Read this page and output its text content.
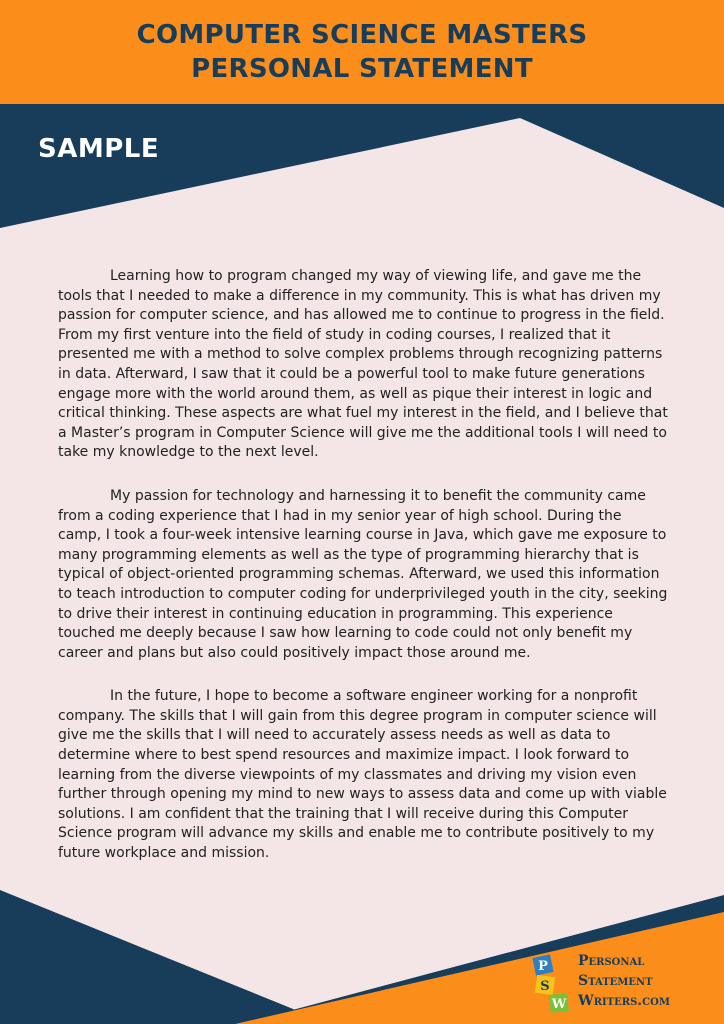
COMPUTER SCIENCE MASTERS
PERSONAL STATEMENT
SAMPLE

Learning how to program changed my way of viewing life, and gave me the tools that I needed to make a difference in my community. This is what has driven my passion for computer science, and has allowed me to continue to progress in the field. From my first venture into the field of study in coding courses, I realized that it presented me with a method to solve complex problems through recognizing patterns in data. Afterward, I saw that it could be a powerful tool to make future generations engage more with the world around them, as well as pique their interest in logic and critical thinking. These aspects are what fuel my interest in the field, and I believe that a Master’s program in Computer Science will give me the additional tools I will need to take my knowledge to the next level.

My passion for technology and harnessing it to benefit the community came from a coding experience that I had in my senior year of high school. During the camp, I took a four-week intensive learning course in Java, which gave me exposure to many programming elements as well as the type of programming hierarchy that is typical of object-oriented programming schemas. Afterward, we used this information to teach introduction to computer coding for underprivileged youth in the city, seeking to drive their interest in continuing education in programming. This experience touched me deeply because I saw how learning to code could not only benefit my career and plans but also could positively impact those around me.

In the future, I hope to become a software engineer working for a nonprofit company. The skills that I will gain from this degree program in computer science will give me the skills that I will need to accurately assess needs as well as data to determine where to best spend resources and maximize impact. I look forward to learning from the diverse viewpoints of my classmates and driving my vision even further through opening my mind to new ways to assess data and come up with viable solutions. I am confident that the training that I will receive during this Computer Science program will advance my skills and enable me to contribute positively to my future workplace and mission.

P
S
W
Personal
Statement
Writers.com
